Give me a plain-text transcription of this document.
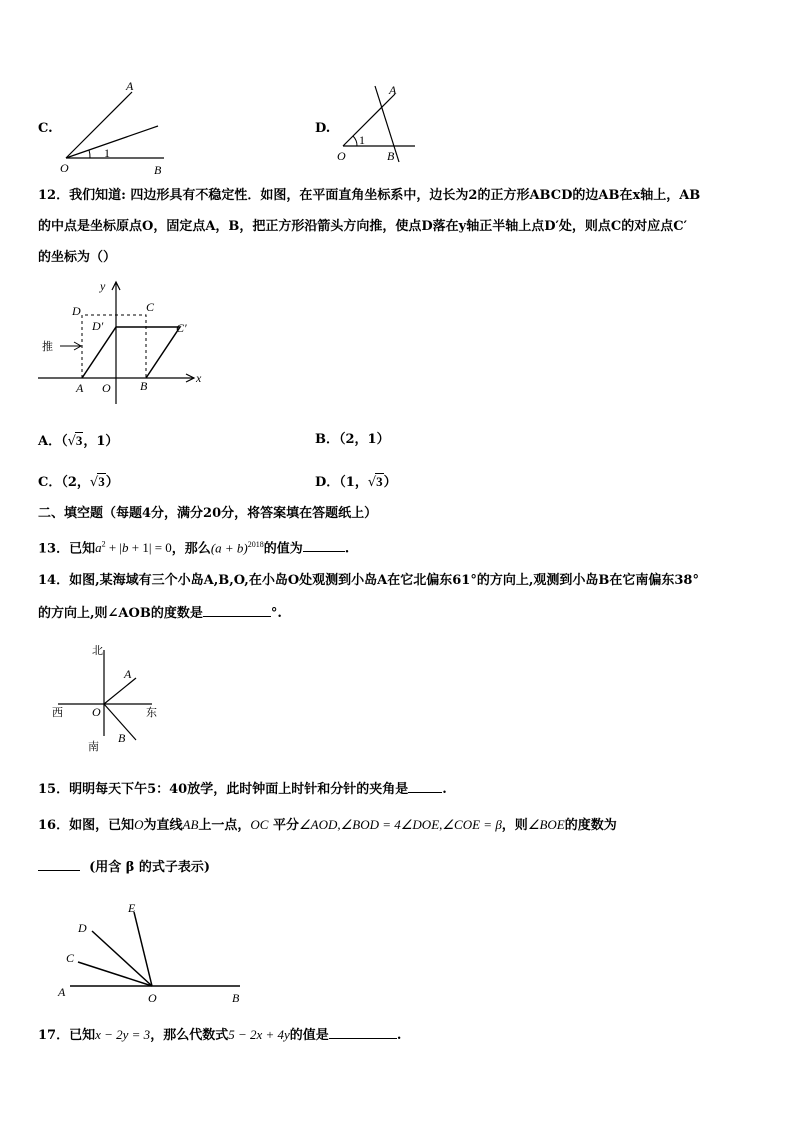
C.
A
O	B
1
D.
A
O	B
1
12．我们知道: 四边形具有不稳定性．如图，在平面直角坐标系中，边长为2的正方形ABCD的边AB在x轴上，AB
的中点是坐标原点O，固定点A，B，把正方形沿箭头方向推，使点D落在y轴正半轴上点D′处，则点C的对应点C′
的坐标为（）
y
x
D	C
D′	C′
推
A O B
A．（√3，1）	B．（2，1）
C．（2，√3）	D．（1，√3）
二、填空题（每题4分，满分20分，将答案填在答题纸上）
13．已知$a^2 + |b + 1| = 0$，那么$(a + b)^{2018}$的值为	.
14．如图,某海域有三个小岛A,B,O,在小岛O处观测到小岛A在它北偏东61°的方向上,观测到小岛B在它南偏东38°
的方向上,则∠AOB的度数是	°.
北
南
西	东
O
A
B
15．明明每天下午5：40放学，此时钟面上时针和分针的夹角是	.
16．如图，已知O为直线AB上一点，OC 平分∠AOD,∠BOD = 4∠DOE,∠COE = β，则∠BOE的度数为
(用含 β 的式子表示)
A
C
D
E
O	B
17．已知x − 2y = 3，那么代数式5 − 2x + 4y的值是	.
